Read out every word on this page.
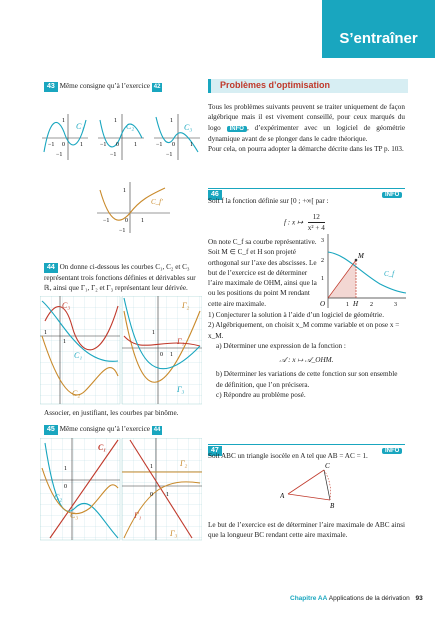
S’entraîner
43 Même consigne qu’à l’exercice 42
C₁
1
−1 0	1
−1
C₂
1
−1 0	1
−1
C₃
1
−1 0	1
−1
C_f′
1
−1	0 1
−1
44 On donne ci-dessous les courbes C₁, C₂ et C₃ représentant trois fonctions définies et dérivables sur ℝ, ainsi que Γ₁, Γ₂ et Γ₃ représentant leur dérivée.
C₃
C₁
C₂
1
1
Γ₂
Γ₁
Γ₃
1
0 1
Associer, en justifiant, les courbes par binôme.
45 Même consigne qu’à l’exercice 44
C₁
C₂
C₃
1
0
Γ₂
Γ₁
Γ₃
1
0 1
Problèmes d’optimisation
Tous les problèmes suivants peuvent se traiter uniquement de façon algébrique mais il est vivement conseillé, pour ceux marqués du logo INFO , d’expérimenter avec un logiciel de géométrie dynamique avant de se plonger dans le cadre théorique.
Pour cela, on pourra adopter la démarche décrite dans les TP p. 103.
46	INFO
Soit f la fonction définie sur [0 ; +∞[ par :
f : x ↦ $\frac{12}{\text{x² + 4}}$
On note C_f sa courbe représentative. Soit M ∈ C_f et H son projeté orthogonal sur l’axe des abscisses. Le but de l’exercice est de déterminer l’aire maximale de OHM, ainsi que la ou les positions du point M rendant cette aire maximale.
M
C_f
O	H
1	2	3
1
2
3
1) Conjecturer la solution à l’aide d’un logiciel de géométrie.
2) Algébriquement, on choisit x_M comme variable et on pose x = x_M.
a) Déterminer une expression de la fonction :
𝒜 : x ↦ 𝒜_OHM.
b) Déterminer les variations de cette fonction sur son ensemble de définition, que l’on précisera.
c) Répondre au problème posé.
47	INFO
Soit ABC un triangle isocèle en A tel que AB = AC = 1.
A
C
B
Le but de l’exercice est de déterminer l’aire maximale de ABC ainsi que la longueur BC rendant cette aire maximale.
Chapitre AA Applications de la dérivation 93
